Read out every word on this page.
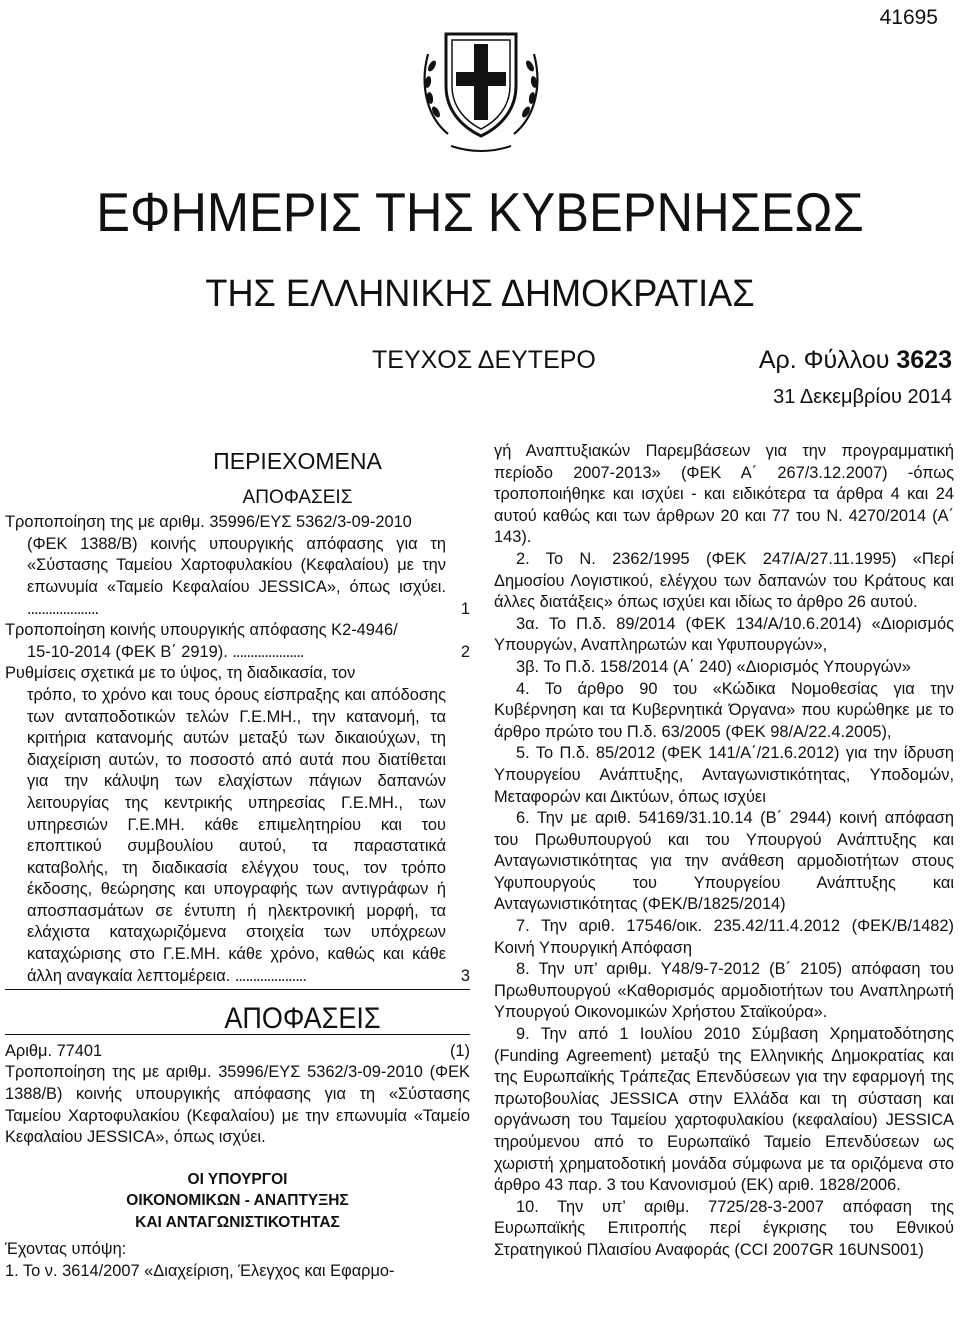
41695
ΕΦΗΜΕΡΙΣ ΤΗΣ ΚΥΒΕΡΝΗΣΕΩΣ
ΤΗΣ ΕΛΛΗΝΙΚΗΣ ΔΗΜΟΚΡΑΤΙΑΣ
ΤΕΥΧΟΣ ΔΕΥΤΕΡΟ	Αρ. Φύλλου 3623
31 Δεκεμβρίου 2014
ΠΕΡΙΕΧΟΜΕΝΑ
ΑΠΟΦΑΣΕΙΣ
Τροποποίηση της με αριθμ. 35996/ΕΥΣ 5362/3-09-2010
(ΦΕΚ 1388/Β) κοινής υπουργικής απόφασης για τη «Σύστασης Ταμείου Χαρτοφυλακίου (Κεφαλαίου) με την επωνυμία «Ταμείο Κεφαλαίου JESSICA», όπως ισχύει. ....................	1
Τροποποίηση κοινής υπουργικής απόφασης Κ2-4946/
15-10-2014 (ΦΕΚ Β΄ 2919). ....................	2
Ρυθμίσεις σχετικά με το ύψος, τη διαδικασία, τον
τρόπο, το χρόνο και τους όρους είσπραξης και απόδοσης των ανταποδοτικών τελών Γ.Ε.ΜΗ., την κατανομή, τα κριτήρια κατανομής αυτών μεταξύ των δικαιούχων, τη διαχείριση αυτών, το ποσοστό από αυτά που διατίθεται για την κάλυψη των ελαχίστων πάγιων δαπανών λειτουργίας της κεντρικής υπηρεσίας Γ.Ε.ΜΗ., των υπηρεσιών Γ.Ε.ΜΗ. κάθε επιμελητηρίου και του εποπτικού συμβουλίου αυτού, τα παραστατικά καταβολής, τη διαδικασία ελέγχου τους, τον τρόπο έκδοσης, θεώρησης και υπογραφής των αντιγράφων ή αποσπασμάτων σε έντυπη ή ηλεκτρονική μορφή, τα ελάχιστα καταχωριζόμενα στοιχεία των υπόχρεων καταχώρισης στο Γ.Ε.ΜΗ. κάθε χρόνο, καθώς και κάθε άλλη αναγκαία λεπτομέρεια. ....................	3
ΑΠΟΦΑΣΕΙΣ
Αριθμ. 77401	(1)

Τροποποίηση της με αριθμ. 35996/ΕΥΣ 5362/3-09-2010 (ΦΕΚ 1388/Β) κοινής υπουργικής απόφασης για τη «Σύστασης Ταμείου Χαρτοφυλακίου (Κεφαλαίου) με την επωνυμία «Ταμείο Κεφαλαίου JESSICA», όπως ισχύει.

ΟΙ ΥΠΟΥΡΓΟΙ
ΟΙΚΟΝΟΜΙΚΩΝ - ΑΝΑΠΤΥΞΗΣ
ΚΑΙ ΑΝΤΑΓΩΝΙΣΤΙΚΟΤΗΤΑΣ

Έχοντας υπόψη:

1. Το ν. 3614/2007 «Διαχείριση, Έλεγχος και Εφαρμο-

γή Αναπτυξιακών Παρεμβάσεων για την προγραμματική περίοδο 2007-2013» (ΦΕΚ Α΄ 267/3.12.2007) -όπως τροποποιήθηκε και ισχύει - και ειδικότερα τα άρθρα 4 και 24 αυτού καθώς και των άρθρων 20 και 77 του Ν. 4270/2014 (Α΄ 143).

2. Το Ν. 2362/1995 (ΦΕΚ 247/Α/27.11.1995) «Περί Δημοσίου Λογιστικού, ελέγχου των δαπανών του Κράτους και άλλες διατάξεις» όπως ισχύει και ιδίως το άρθρο 26 αυτού.

3α. Το Π.δ. 89/2014 (ΦΕΚ 134/Α/10.6.2014) «Διορισμός Υπουργών, Αναπληρωτών και Υφυπουργών»,

3β. Το Π.δ. 158/2014 (Α΄ 240) «Διορισμός Υπουργών»

4. Το άρθρο 90 του «Κώδικα Νομοθεσίας για την Κυβέρνηση και τα Κυβερνητικά Όργανα» που κυρώθηκε με το άρθρο πρώτο του Π.δ. 63/2005 (ΦΕΚ 98/Α/22.4.2005),

5. Το Π.δ. 85/2012 (ΦΕΚ 141/Α΄/21.6.2012) για την ίδρυση Υπουργείου Ανάπτυξης, Ανταγωνιστικότητας, Υποδομών, Μεταφορών και Δικτύων, όπως ισχύει

6. Την με αριθ. 54169/31.10.14 (Β΄ 2944) κοινή απόφαση του Πρωθυπουργού και του Υπουργού Ανάπτυξης και Ανταγωνιστικότητας για την ανάθεση αρμοδιοτήτων στους Υφυπουργούς του Υπουργείου Ανάπτυξης και Ανταγωνιστικότητας (ΦΕΚ/Β/1825/2014)

7. Την αριθ. 17546/οικ. 235.42/11.4.2012 (ΦΕΚ/Β/1482) Κοινή Υπουργική Απόφαση

8. Την υπ’ αριθμ. Υ48/9-7-2012 (Β΄ 2105) απόφαση του Πρωθυπουργού «Καθορισμός αρμοδιοτήτων του Αναπληρωτή Υπουργού Οικονομικών Χρήστου Σταϊκούρα».

9. Την από 1 Ιουλίου 2010 Σύμβαση Χρηματοδότησης (Funding Agreement) μεταξύ της Ελληνικής Δημοκρατίας και της Ευρωπαϊκής Τράπεζας Επενδύσεων για την εφαρμογή της πρωτοβουλίας JESSICA στην Ελλάδα και τη σύσταση και οργάνωση του Ταμείου χαρτοφυλακίου (κεφαλαίου) JESSICA τηρούμενου από το Ευρωπαϊκό Ταμείο Επενδύσεων ως χωριστή χρηματοδοτική μονάδα σύμφωνα με τα οριζόμενα στο άρθρο 43 παρ. 3 του Κανονισμού (ΕΚ) αριθ. 1828/2006.

10. Την υπ’ αριθμ. 7725/28-3-2007 απόφαση της Ευρωπαϊκής Επιτροπής περί έγκρισης του Εθνικού Στρατηγικού Πλαισίου Αναφοράς (CCI 2007GR 16UNS001)
